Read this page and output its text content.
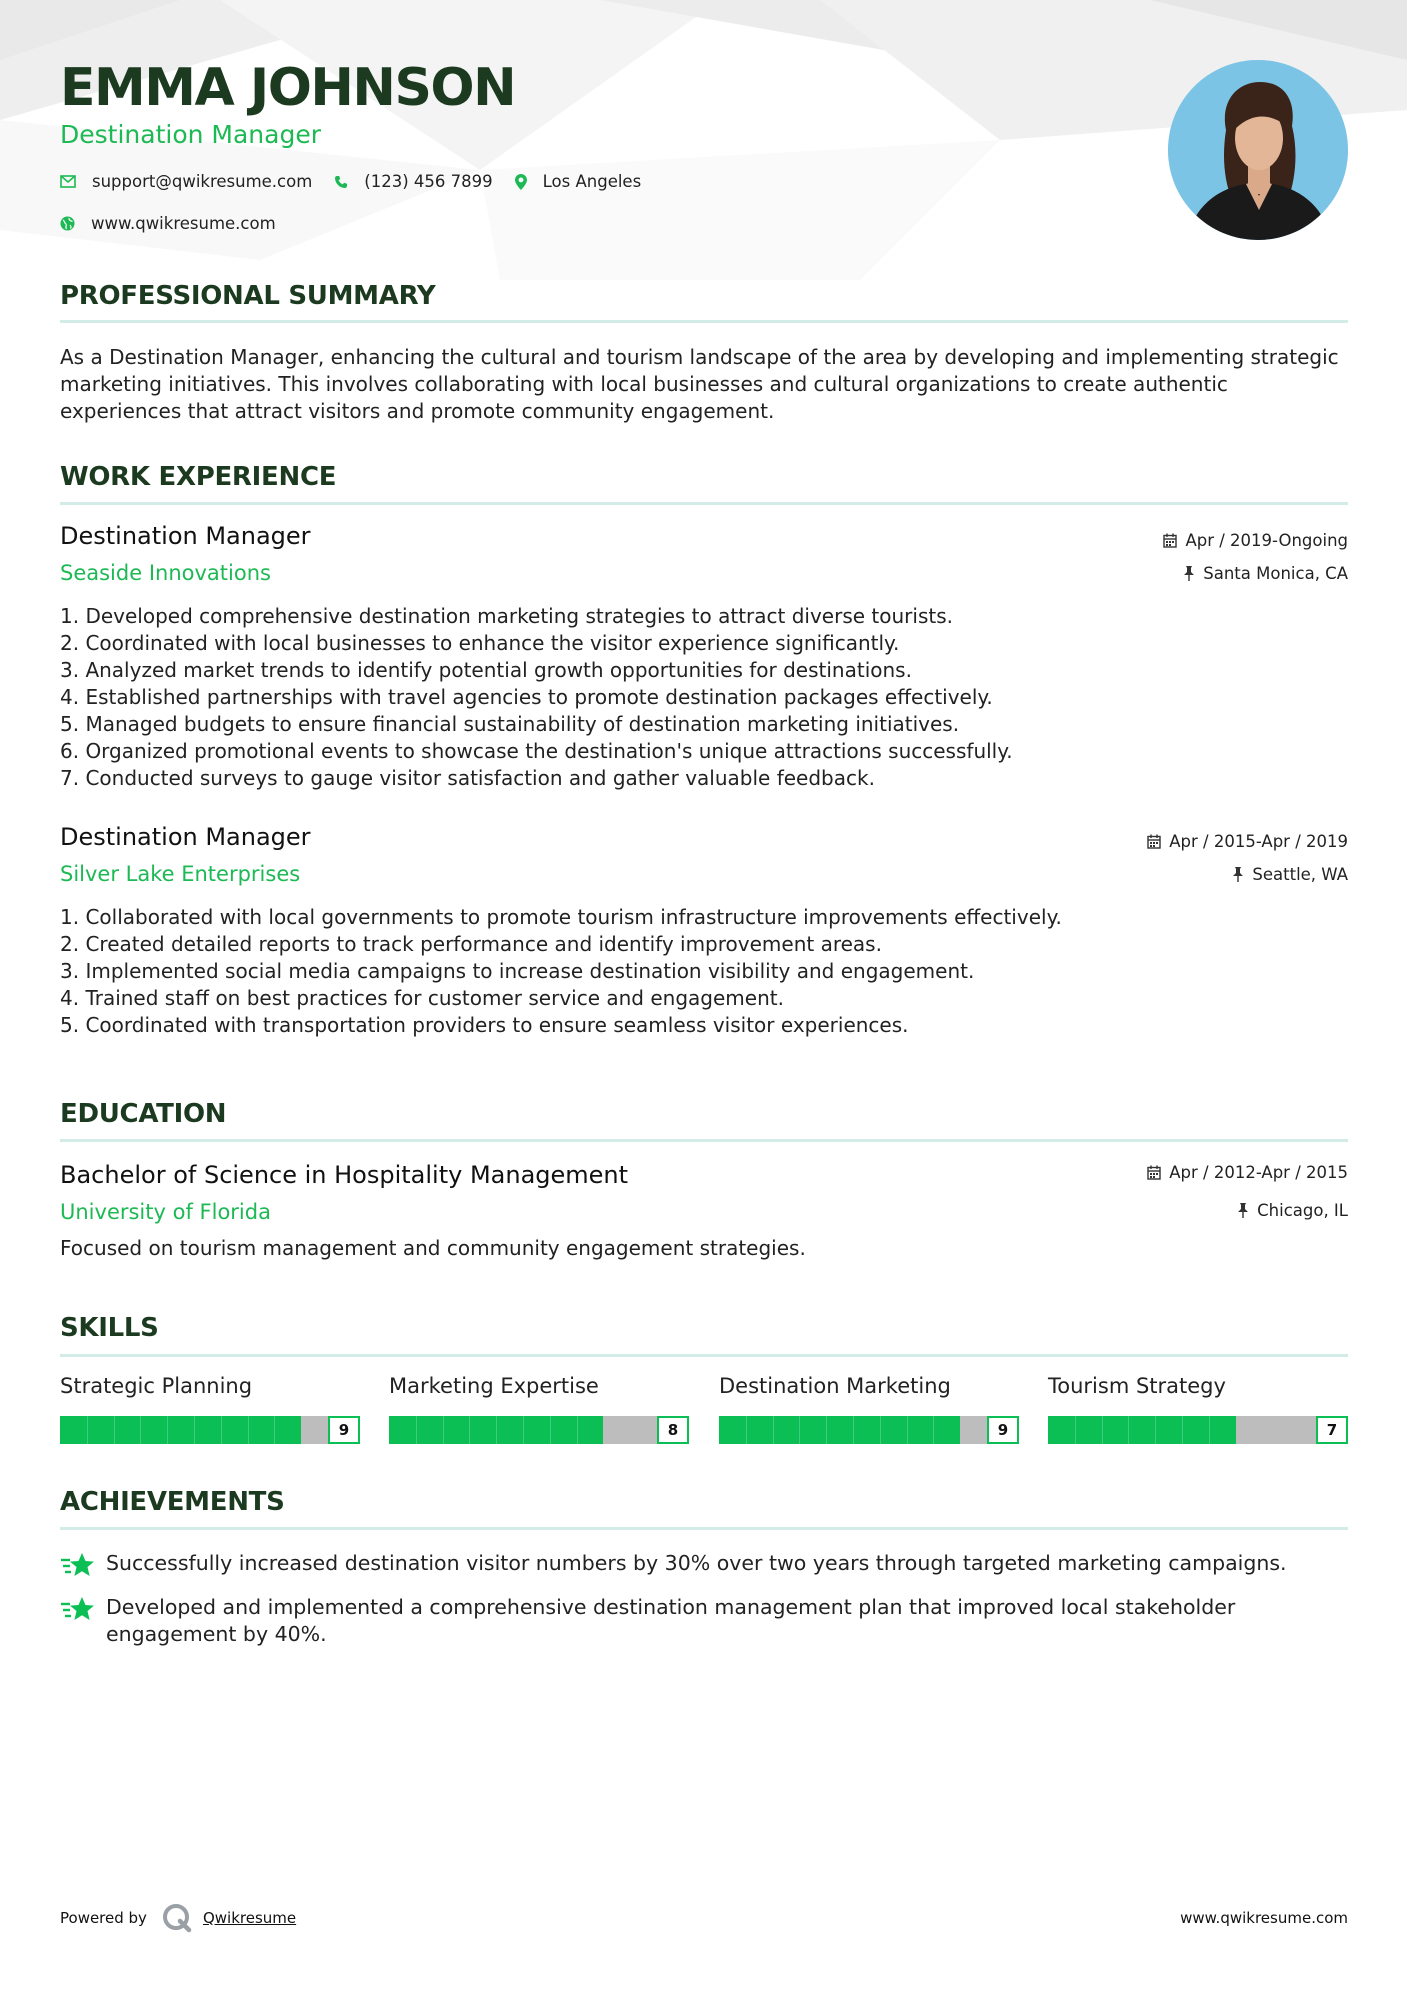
EMMA JOHNSON
Destination Manager
support@qwikresume.com	(123) 456 7899	Los Angeles
www.qwikresume.com
PROFESSIONAL SUMMARY

As a Destination Manager, enhancing the cultural and tourism landscape of the area by developing and implementing strategic marketing initiatives. This involves collaborating with local businesses and cultural organizations to create authentic experiences that attract visitors and promote community engagement.

WORK EXPERIENCE
Destination Manager
Seaside Innovations
Apr / 2019-Ongoing
Santa Monica, CA
1. Developed comprehensive destination marketing strategies to attract diverse tourists.
2. Coordinated with local businesses to enhance the visitor experience significantly.
3. Analyzed market trends to identify potential growth opportunities for destinations.
4. Established partnerships with travel agencies to promote destination packages effectively.
5. Managed budgets to ensure financial sustainability of destination marketing initiatives.
6. Organized promotional events to showcase the destination's unique attractions successfully.
7. Conducted surveys to gauge visitor satisfaction and gather valuable feedback.
Destination Manager
Silver Lake Enterprises
Apr / 2015-Apr / 2019
Seattle, WA
1. Collaborated with local governments to promote tourism infrastructure improvements effectively.
2. Created detailed reports to track performance and identify improvement areas.
3. Implemented social media campaigns to increase destination visibility and engagement.
4. Trained staff on best practices for customer service and engagement.
5. Coordinated with transportation providers to ensure seamless visitor experiences.
EDUCATION
Bachelor of Science in Hospitality Management
University of Florida
Apr / 2012-Apr / 2015
Chicago, IL

Focused on tourism management and community engagement strategies.

SKILLS
Strategic Planning
9
Marketing Expertise
8
Destination Marketing
9
Tourism Strategy
7
ACHIEVEMENTS
Successfully increased destination visitor numbers by 30% over two years through targeted marketing campaigns.
Developed and implemented a comprehensive destination management plan that improved local stakeholder engagement by 40%.
Powered by	Qwikresume	www.qwikresume.com
